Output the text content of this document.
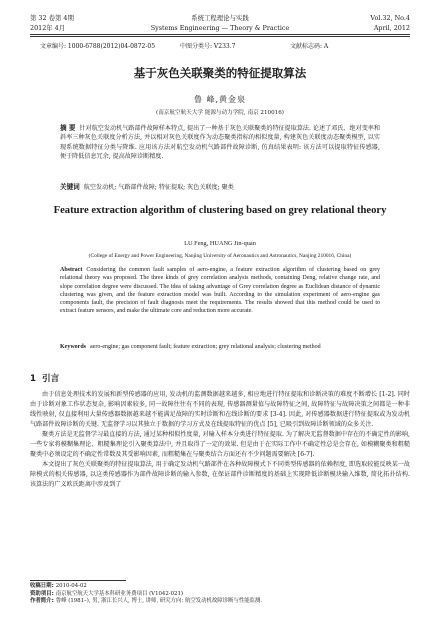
第 32 卷第 4期	系统工程理论与实践	Vol.32, No.4
2012年 4月	Systems Engineering — Theory & Practice	April, 2012
文章编号: 1000-6788(2012)04-0872-05	中图分类号: V233.7	文献标志码: A
基于灰色关联聚类的特征提取算法
鲁 峰,黄金泉
(南京航空航天大学 能源与动力学院, 南京 210016)
摘 要 针对航空发动机气路部件故障样本特点, 提出了一种基于灰色关联聚类的特征提取算法. 论述了邓氏、绝对变率和斜率三种灰色关联度分析方法, 并以相对灰色关联度作为动态聚类指标的相似度量, 构建灰色关联度动态聚类模型, 以实现系统数据特征分类与降维. 应用该方法对航空发动机气路部件故障诊断, 仿真结果表明: 该方法可以提取特征传感器, 便于降低信息冗余, 提高故障诊断精度.
关键词 航空发动机; 气路部件故障; 特征提取; 灰色关联度; 聚类
Feature extraction algorithm of clustering based on grey relational theory
LU Feng, HUANG Jin-quan
(College of Energy and Power Engineering, Nanjing University of Aeronautics and Astronautics, Nanjing 210016, China)
Abstract Considering the common fault samples of aero-engine, a feature extraction algorithm of clustering based on grey relational theory was proposed. The three kinds of grey correlation analysis methods, containing Deng, relative change rate, and slope correlation degree were discussed. The idea of taking advantage of Grey correlation degree as Euclidean distance of dynamic clustering was given, and the feature extraction model was built. According to the simulation experiment of aero-engine gas components fault, the precision of fault diagnosis meet the requirements. The results showed that this method could be used to extract feature sensors, and make the ultimate core and reduction more accurate.
Keywords aero-engine; gas component fault; feature extraction; grey relational analysis; clustering method
1 引言

由于信息处理技术的发展和新型传感器的应用, 发动机的监测数据越来越多, 相应地进行特征提取和诊断决策的难度不断增长 [1-2]. 同时由于诊断对象工作状态复杂, 影响因素较多, 同一故障往往有不同的表现, 传感器测量值与故障特征之间, 故障特征与故障决策之间都是一种非线性映射, 仅直接利用大量传感器数据越来越不能满足故障的实时诊断和在线诊断的要求 [3-4]. 因此, 对传感器数据进行特征提取或为发动机气路部件故障诊断的关键. 无监督学习以其独立于数据的学习方式及在线提取特征的优点 [5], 已吸引到故障诊断领域的众多关注.

聚类方法是无监督学习最直接的方法, 通过某种相似性度量, 对输入样本分类进行特征提取. 为了解决无监督数据中存在的不确定性的影响, 一些专家将模糊集理论、粗糙集理论引入聚类算法中, 并且取得了一定的效果. 但是由于在实际工作中不确定性总是会存在, 如模糊聚类和粗糙聚类中必须设定的不确定性常数及其受影响因素, 而粗糙集在与聚类结合方面还有不少问题需要解决 [6-7].

本文提出了灰色关联聚类的特征提取算法, 用于确定发动机气路部件在各种故障模式下不同类型传感器的依赖程度, 即选取较能反映某一故障模式的相关传感器, 以这类传感器作为部件故障诊断的输入参数, 在保证部件诊断精度的基础上实现降低诊断模块输入维数, 简化拓扑结构. 该算法的广义欧氏距离中涉及到了

收稿日期: 2010-04-02
资助项目: 南京航空航天大学基本科研业务费项目 (V1042-021)
作者简介: 鲁峰 (1981–), 男, 浙江长兴人, 博士, 讲师, 研究方向: 航空发动机故障诊断与性能监测.
